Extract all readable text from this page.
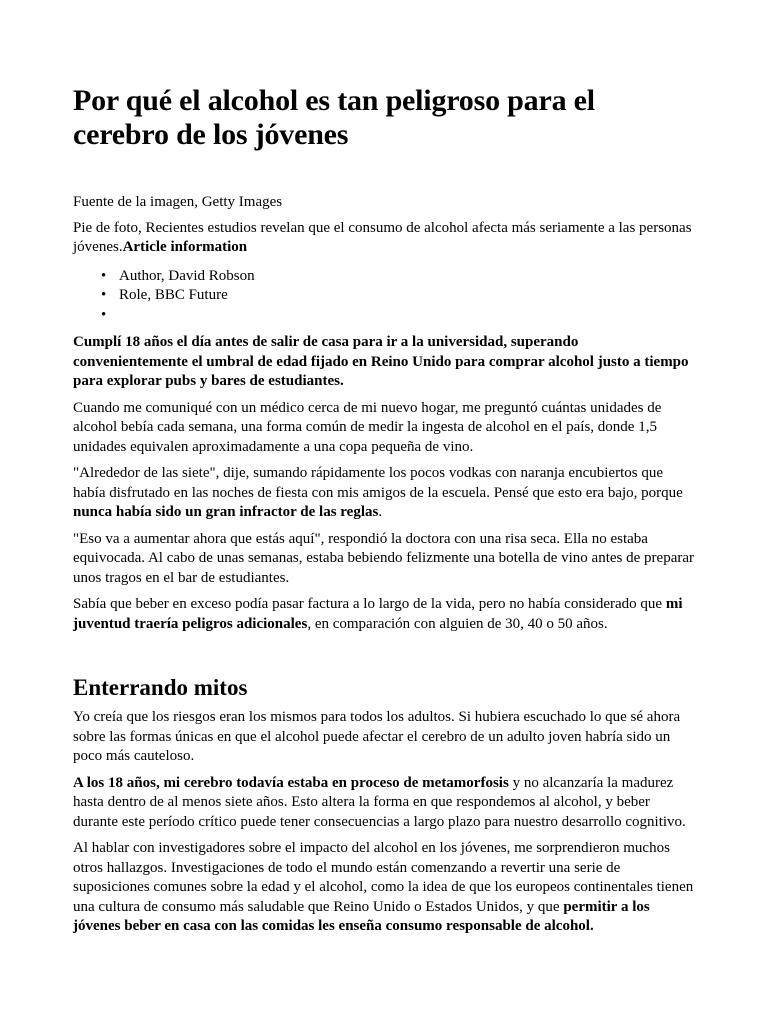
Por qué el alcohol es tan peligroso para el cerebro de los jóvenes

Fuente de la imagen, Getty Images

Pie de foto, Recientes estudios revelan que el consumo de alcohol afecta más seriamente a las personas jóvenes.Article information

• Author, David Robson
• Role, BBC Future
•

Cumplí 18 años el día antes de salir de casa para ir a la universidad, superando convenientemente el umbral de edad fijado en Reino Unido para comprar alcohol justo a tiempo para explorar pubs y bares de estudiantes.

Cuando me comuniqué con un médico cerca de mi nuevo hogar, me preguntó cuántas unidades de alcohol bebía cada semana, una forma común de medir la ingesta de alcohol en el país, donde 1,5 unidades equivalen aproximadamente a una copa pequeña de vino.

"Alrededor de las siete", dije, sumando rápidamente los pocos vodkas con naranja encubiertos que había disfrutado en las noches de fiesta con mis amigos de la escuela. Pensé que esto era bajo, porque nunca había sido un gran infractor de las reglas.

"Eso va a aumentar ahora que estás aquí", respondió la doctora con una risa seca. Ella no estaba equivocada. Al cabo de unas semanas, estaba bebiendo felizmente una botella de vino antes de preparar unos tragos en el bar de estudiantes.

Sabía que beber en exceso podía pasar factura a lo largo de la vida, pero no había considerado que mi juventud traería peligros adicionales, en comparación con alguien de 30, 40 o 50 años.

Enterrando mitos

Yo creía que los riesgos eran los mismos para todos los adultos. Si hubiera escuchado lo que sé ahora sobre las formas únicas en que el alcohol puede afectar el cerebro de un adulto joven habría sido un poco más cauteloso.

A los 18 años, mi cerebro todavía estaba en proceso de metamorfosis y no alcanzaría la madurez hasta dentro de al menos siete años. Esto altera la forma en que respondemos al alcohol, y beber durante este período crítico puede tener consecuencias a largo plazo para nuestro desarrollo cognitivo.

Al hablar con investigadores sobre el impacto del alcohol en los jóvenes, me sorprendieron muchos otros hallazgos. Investigaciones de todo el mundo están comenzando a revertir una serie de suposiciones comunes sobre la edad y el alcohol, como la idea de que los europeos continentales tienen una cultura de consumo más saludable que Reino Unido o Estados Unidos, y que permitir a los jóvenes beber en casa con las comidas les enseña consumo responsable de alcohol.
